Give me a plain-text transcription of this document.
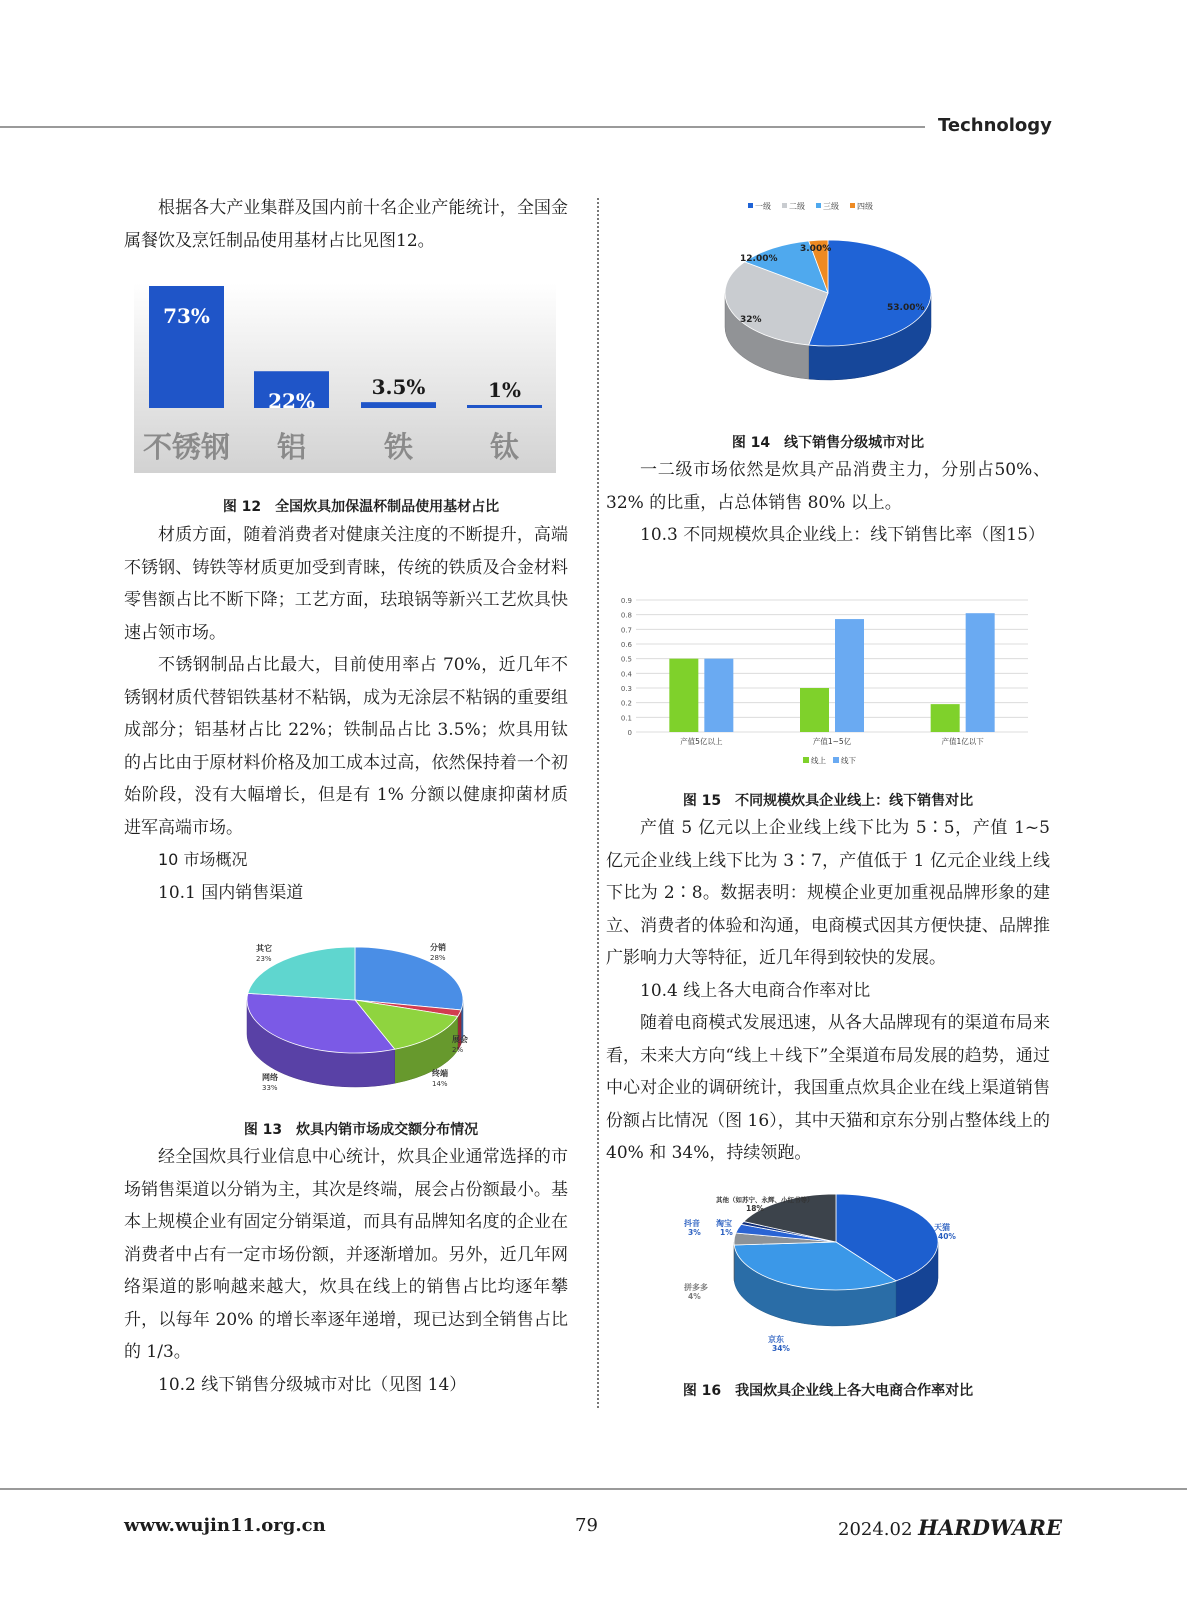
Technology

根据各大产业集群及国内前十名企业产能统计，全国金属餐饮及烹饪制品使用基材占比见图12。

73%
不锈钢
22%
铝
3.5%
铁
1%
钛
图 12　全国炊具加保温杯制品使用基材占比

材质方面，随着消费者对健康关注度的不断提升，高端不锈钢、铸铁等材质更加受到青睐，传统的铁质及合金材料零售额占比不断下降；工艺方面，珐琅锅等新兴工艺炊具快速占领市场。

不锈钢制品占比最大，目前使用率占 70%，近几年不锈钢材质代替铝铁基材不粘锅，成为无涂层不粘锅的重要组成部分；铝基材占比 22%；铁制品占比 3.5%；炊具用钛的占比由于原材料价格及加工成本过高，依然保持着一个初始阶段，没有大幅增长，但是有 1% 分额以健康抑菌材质进军高端市场。

10 市场概况

10.1 国内销售渠道

分销
28%
展会
2%
终端
14%
网络
33%
其它
23%
图 13　炊具内销市场成交额分布情况

经全国炊具行业信息中心统计，炊具企业通常选择的市场销售渠道以分销为主，其次是终端，展会占份额最小。基本上规模企业有固定分销渠道，而具有品牌知名度的企业在消费者中占有一定市场份额，并逐渐增加。另外，近几年网络渠道的影响越来越大，炊具在线上的销售占比均逐年攀升，以每年 20% 的增长率逐年递增，现已达到全销售占比的 1/3。

10.2 线下销售分级城市对比（见图 14）

一级 二级 三级 四级
53.00%
32%
12.00%
3.00%
图 14　线下销售分级城市对比

一二级市场依然是炊具产品消费主力，分别占50%、32% 的比重，占总体销售 80% 以上。

10.3 不同规模炊具企业线上：线下销售比率（图15）

0
0.1
0.2
0.3
0.4
0.5
0.6
0.7
0.8
0.9
产值5亿以上	产值1~5亿	产值1亿以下
线上 线下
图 15　不同规模炊具企业线上：线下销售对比

产值 5 亿元以上企业线上线下比为 5∶5，产值 1~5 亿元企业线上线下比为 3∶7，产值低于 1 亿元企业线上线下比为 2∶8。数据表明：规模企业更加重视品牌形象的建立、消费者的体验和沟通，电商模式因其方便快捷、品牌推广影响力大等特征，近几年得到较快的发展。

10.4 线上各大电商合作率对比

随着电商模式发展迅速，从各大品牌现有的渠道布局来看，未来大方向“线上＋线下”全渠道布局发展的趋势，通过中心对企业的调研统计，我国重点炊具企业在线上渠道销售份额占比情况（图 16），其中天猫和京东分别占整体线上的 40% 和 34%，持续领跑。

天猫
40%
京东
34%
拼多多
4%
抖音
3%
淘宝
1%
其他（如苏宁、永辉、小红书等）
18%
图 16　我国炊具企业线上各大电商合作率对比
www.wujin11.org.cn	79	2024.02 HARDWARE
